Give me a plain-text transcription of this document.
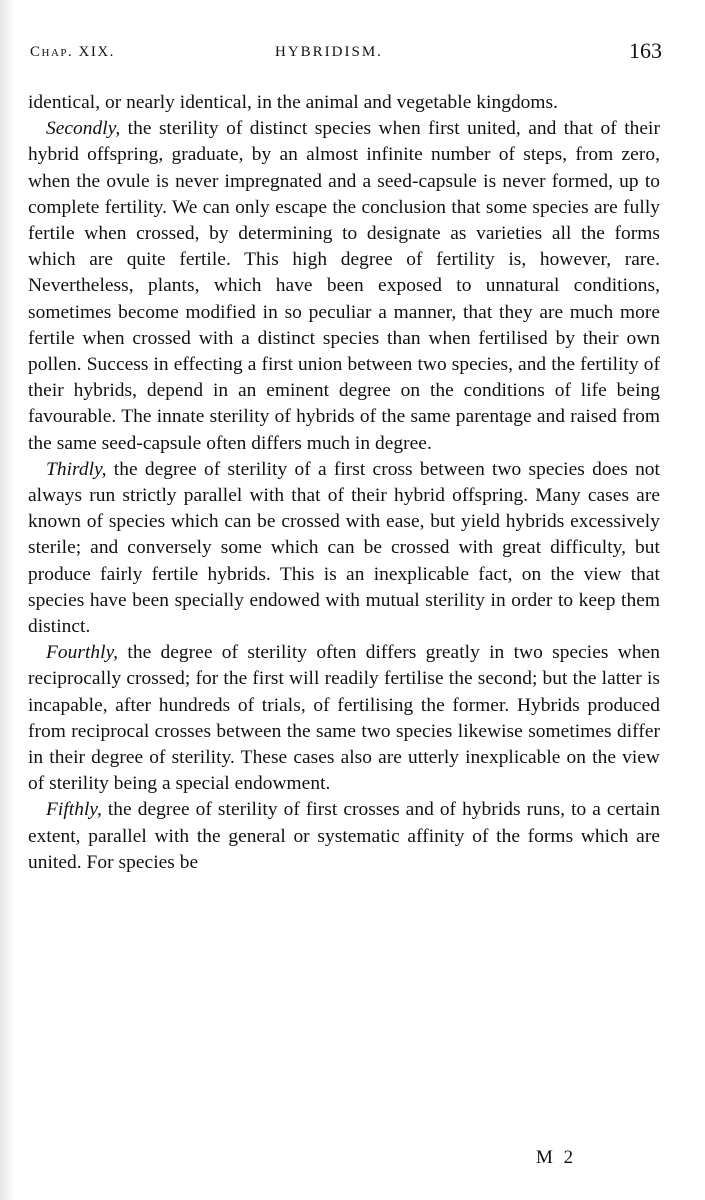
Chap. XIX.	HYBRIDISM.	163

identical, or nearly identical, in the animal and vegetable kingdoms.

Secondly, the sterility of distinct species when first united, and that of their hybrid offspring, graduate, by an almost infinite number of steps, from zero, when the ovule is never impregnated and a seed-capsule is never formed, up to complete fertility. We can only escape the conclusion that some species are fully fertile when crossed, by determining to designate as varieties all the forms which are quite fertile. This high degree of fertility is, however, rare. Nevertheless, plants, which have been exposed to unnatural conditions, sometimes become modified in so peculiar a manner, that they are much more fertile when crossed with a distinct species than when fertilised by their own pollen. Success in effecting a first union between two species, and the fertility of their hybrids, depend in an eminent degree on the conditions of life being favourable. The innate sterility of hybrids of the same parentage and raised from the same seed-capsule often differs much in degree.

Thirdly, the degree of sterility of a first cross between two species does not always run strictly parallel with that of their hybrid offspring. Many cases are known of species which can be crossed with ease, but yield hybrids excessively sterile; and conversely some which can be crossed with great difficulty, but produce fairly fertile hybrids. This is an inexplicable fact, on the view that species have been specially endowed with mutual sterility in order to keep them distinct.

Fourthly, the degree of sterility often differs greatly in two species when reciprocally crossed; for the first will readily fertilise the second; but the latter is incapable, after hundreds of trials, of fertilising the former. Hybrids produced from reciprocal crosses between the same two species likewise sometimes differ in their degree of sterility. These cases also are utterly inexplicable on the view of sterility being a special endowment.

Fifthly, the degree of sterility of first crosses and of hybrids runs, to a certain extent, parallel with the general or systematic affinity of the forms which are united. For species be

M 2
